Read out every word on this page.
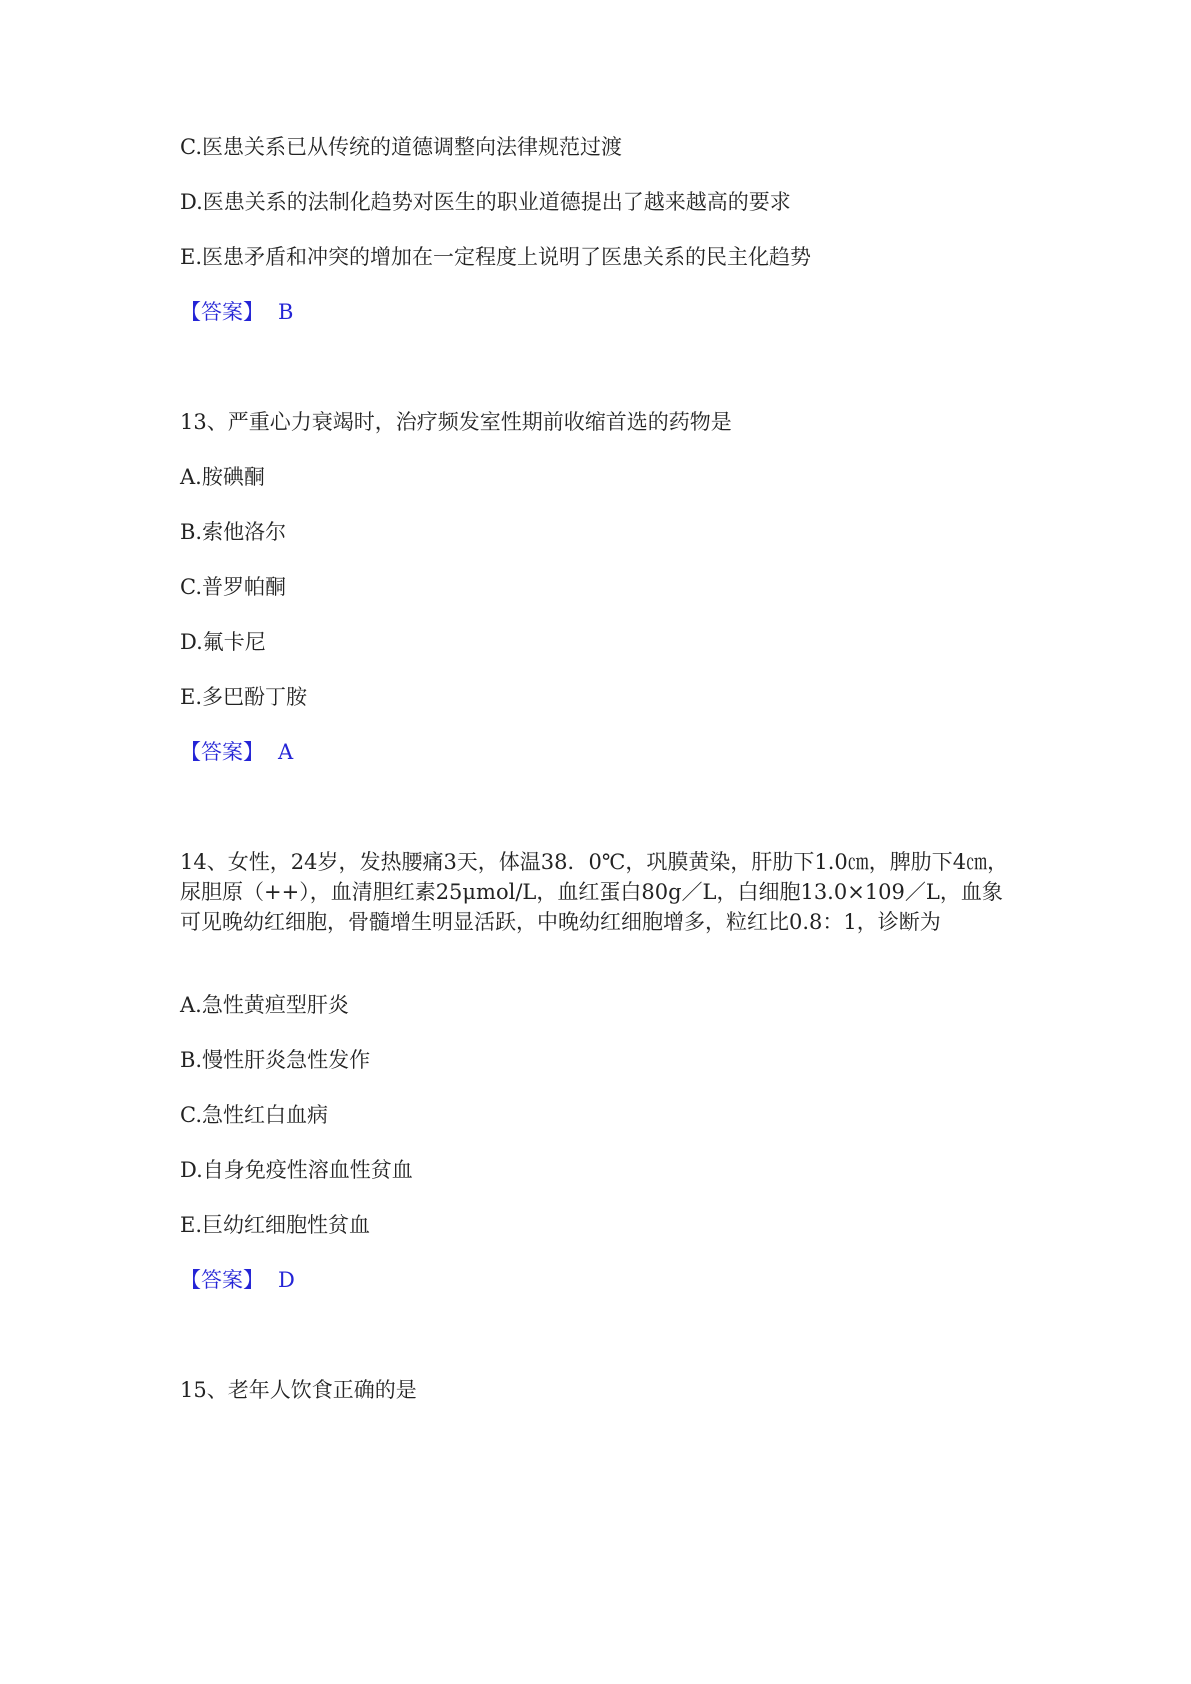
C.医患关系已从传统的道德调整向法律规范过渡
D.医患关系的法制化趋势对医生的职业道德提出了越来越高的要求
E.医患矛盾和冲突的增加在一定程度上说明了医患关系的民主化趋势
【答案】 B
13、严重心力衰竭时，治疗频发室性期前收缩首选的药物是
A.胺碘酮
B.索他洛尔
C.普罗帕酮
D.氟卡尼
E.多巴酚丁胺
【答案】 A
14、女性，24岁，发热腰痛3天，体温38．0℃，巩膜黄染，肝肋下1.0㎝，脾肋下4㎝，尿胆原（++），血清胆红素25μmol/L，血红蛋白80g／L，白细胞13.0×109／L，血象可见晚幼红细胞，骨髓增生明显活跃，中晚幼红细胞增多，粒红比0.8：1，诊断为
A.急性黄疸型肝炎
B.慢性肝炎急性发作
C.急性红白血病
D.自身免疫性溶血性贫血
E.巨幼红细胞性贫血
【答案】 D
15、老年人饮食正确的是
